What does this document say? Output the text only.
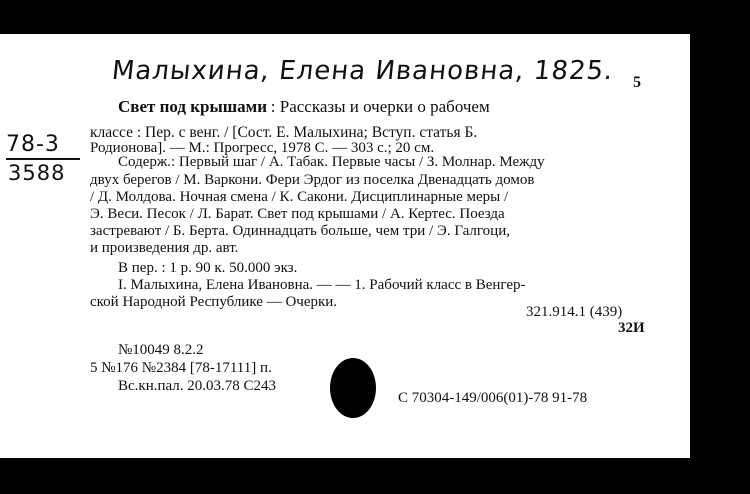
Малыхина, Елена Ивановна, 1825. 5
78-3
3588
Свет под крышами : Рассказы и очерки о рабочем
классе : Пер. с венг. / [Сост. Е. Малыхина; Вступ. статья Б.
Родионова]. — М.: Прогресс, 1978 С. — 303 с.; 20 см.
Содерж.: Первый шаг / А. Табак. Первые часы / З. Молнар. Между
двух берегов / М. Варкони. Фери Эрдог из поселка Двенадцать домов
/ Д. Молдова. Ночная смена / К. Сакони. Дисциплинарные меры /
Э. Веси. Песок / Л. Барат. Свет под крышами / А. Кертес. Поезда
застревают / Б. Берта. Одиннадцать больше, чем три / Э. Галгоци,
и произведения др. авт.
В пер. : 1 р. 90 к. 50.000 экз.
I. Малыхина, Елена Ивановна. — — 1. Рабочий класс в Венгер-
ской Народной Республике — Очерки.
321.914.1 (439)
32И
№10049 8.2.2
5 №176 №2384 [78-17111] п.
Вс.кн.пал. 20.03.78 С243
С 70304-149/006(01)-78 91-78
